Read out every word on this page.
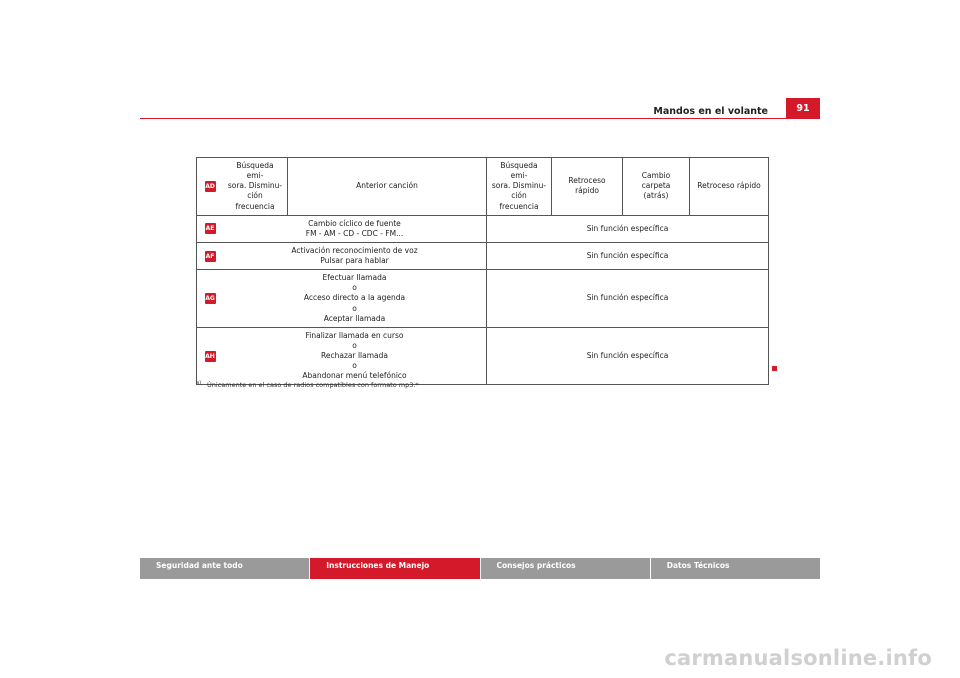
Mandos en el volante	91
AD	Búsqueda emi-
sora. Disminu-
ción
frecuencia	Anterior canción	Búsqueda emi-
sora. Disminu-
ción
frecuencia	Retroceso rápido	Cambio carpeta
(atrás)	Retroceso rápido

AE	Cambio cíclico de fuente
FM - AM - CD - CDC - FM...		Sin función específica			
AF	Activación reconocimiento de voz
Pulsar para hablar		Sin función específica			
AG	Efectuar llamada
o
Acceso directo a la agenda
o
Aceptar llamada		Sin función específica			
AH	Finalizar llamada en curso
o
Rechazar llamada
o
Abandonar menú telefónico		Sin función específica			
$^{a)}$ Únicamente en el caso de radios compatibles con formato mp3.*
Seguridad ante todo	Instrucciones de Manejo	Consejos prácticos	Datos Técnicos
carmanualsonline.info
